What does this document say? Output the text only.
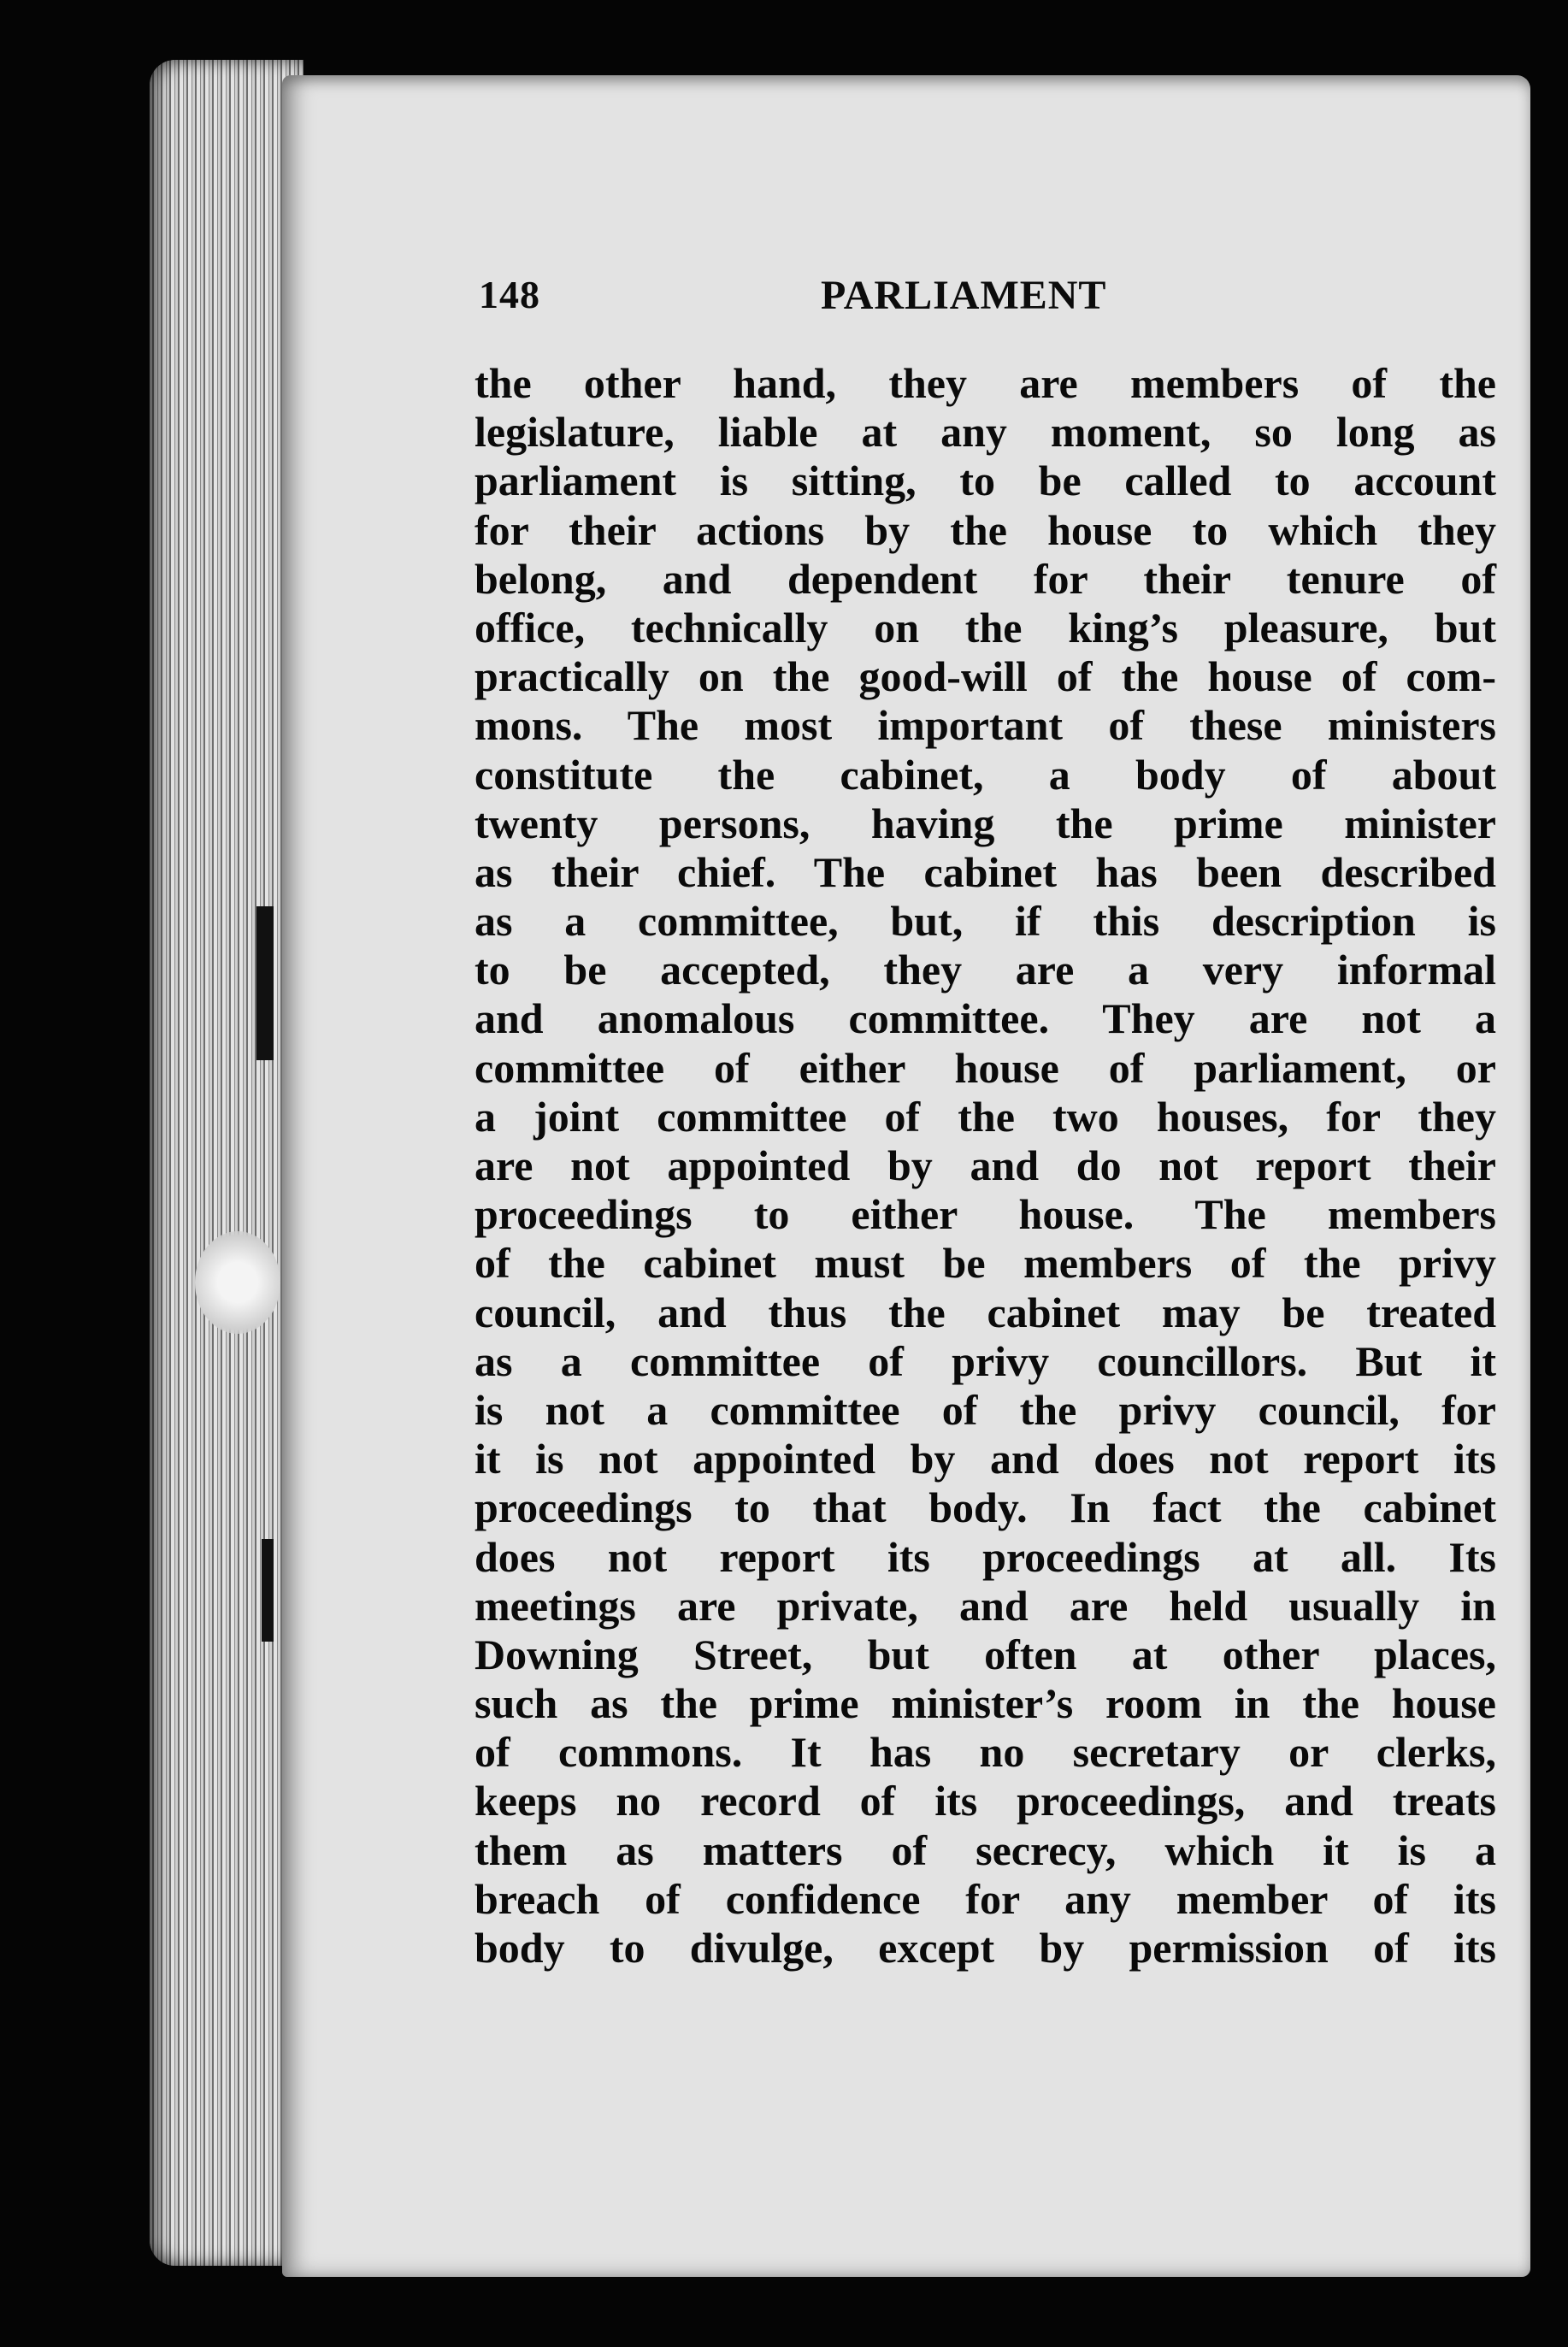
148	PARLIAMENT
the other hand, they are members of the
legislature, liable at any moment, so long as
parliament is sitting, to be called to account
for their actions by the house to which they
belong, and dependent for their tenure of
office, technically on the king’s pleasure, but
practically on the good-will of the house of com-
mons. The most important of these ministers
constitute the cabinet, a body of about
twenty persons, having the prime minister
as their chief. The cabinet has been described
as a committee, but, if this description is
to be accepted, they are a very informal
and anomalous committee. They are not a
committee of either house of parliament, or
a joint committee of the two houses, for they
are not appointed by and do not report their
proceedings to either house. The members
of the cabinet must be members of the privy
council, and thus the cabinet may be treated
as a committee of privy councillors. But it
is not a committee of the privy council, for
it is not appointed by and does not report its
proceedings to that body. In fact the cabinet
does not report its proceedings at all. Its
meetings are private, and are held usually in
Downing Street, but often at other places,
such as the prime minister’s room in the house
of commons. It has no secretary or clerks,
keeps no record of its proceedings, and treats
them as matters of secrecy, which it is a
breach of confidence for any member of its
body to divulge, except by permission of its
